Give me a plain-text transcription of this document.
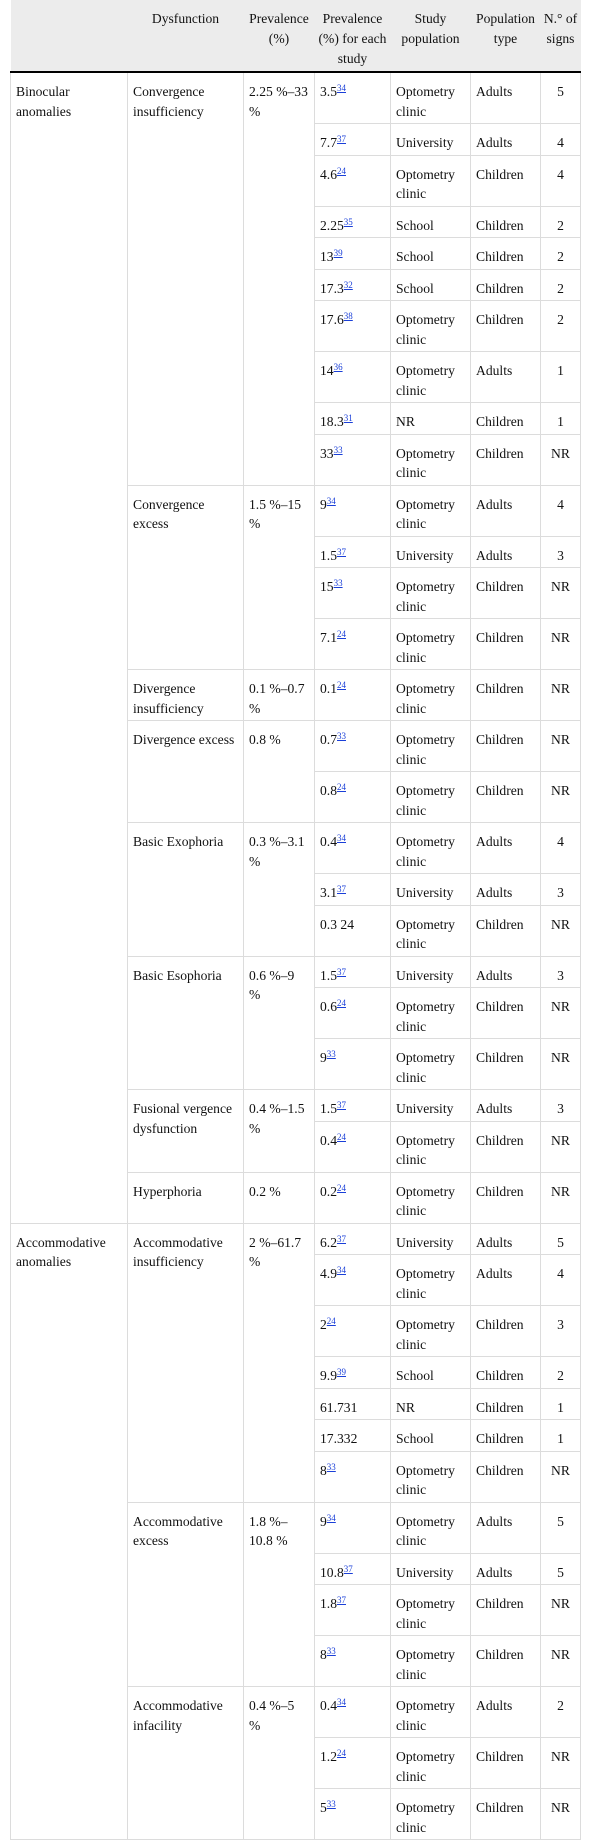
	Dysfunction	Prevalence (%)	Prevalence (%) for each study	Study population	Population type	N.° of signs
Binocular anomalies	Convergence insufficiency	2.25 %–33 %	3.5$^{34}$	Optometry clinic	Adults	5
			7.7$^{37}$	University	Adults	4
			4.6$^{24}$	Optometry clinic	Children	4
			2.25$^{35}$	School	Children	2
			13$^{39}$	School	Children	2
			17.3$^{32}$	School	Children	2
			17.6$^{38}$	Optometry clinic	Children	2
			14$^{36}$	Optometry clinic	Adults	1
			18.3$^{31}$	NR	Children	1
			33$^{33}$	Optometry clinic	Children	NR
	Convergence excess	1.5 %–15 %	9$^{34}$	Optometry clinic	Adults	4
			1.5$^{37}$	University	Adults	3
			15$^{33}$	Optometry clinic	Children	NR
			7.1$^{24}$	Optometry clinic	Children	NR
	Divergence insufficiency	0.1 %–0.7 %	0.1$^{24}$	Optometry clinic	Children	NR
	Divergence excess	0.8 %	0.7$^{33}$	Optometry clinic	Children	NR
			0.8$^{24}$	Optometry clinic	Children	NR
	Basic Exophoria	0.3 %–3.1 %	0.4$^{34}$	Optometry clinic	Adults	4
			3.1$^{37}$	University	Adults	3
			0.3 24	Optometry clinic	Children	NR
	Basic Esophoria	0.6 %–9 %	1.5$^{37}$	University	Adults	3
			0.6$^{24}$	Optometry clinic	Children	NR
			9$^{33}$	Optometry clinic	Children	NR
	Fusional vergence dysfunction	0.4 %–1.5 %	1.5$^{37}$	University	Adults	3
			0.4$^{24}$	Optometry clinic	Children	NR
	Hyperphoria	0.2 %	0.2$^{24}$	Optometry clinic	Children	NR
Accommodative anomalies	Accommodative insufficiency	2 %–61.7 %	6.2$^{37}$	University	Adults	5
			4.9$^{34}$	Optometry clinic	Adults	4
			2$^{24}$	Optometry clinic	Children	3
			9.9$^{39}$	School	Children	2
			61.731	NR	Children	1
			17.332	School	Children	1
			8$^{33}$	Optometry clinic	Children	NR
	Accommodative excess	1.8 %–10.8 %	9$^{34}$	Optometry clinic	Adults	5
			10.8$^{37}$	University	Adults	5
			1.8$^{37}$	Optometry clinic	Children	NR
			8$^{33}$	Optometry clinic	Children	NR
	Accommodative infacility	0.4 %–5 %	0.4$^{34}$	Optometry clinic	Adults	2
			1.2$^{24}$	Optometry clinic	Children	NR
			5$^{33}$	Optometry clinic	Children	NR
